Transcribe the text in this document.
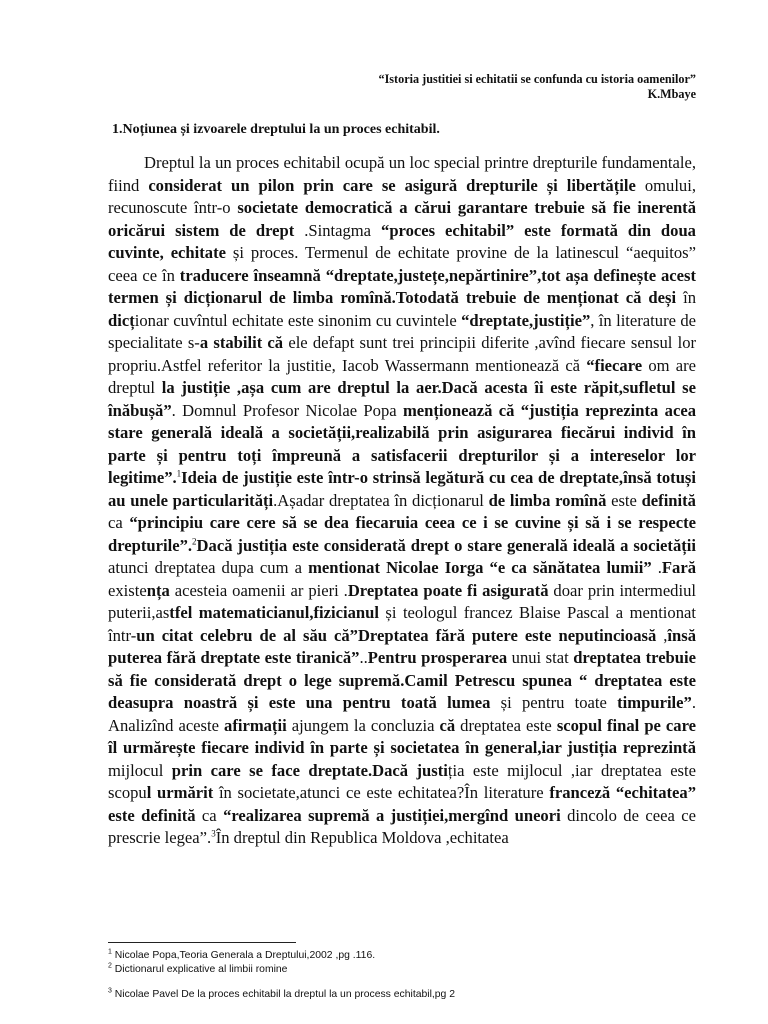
“Istoria justitiei si echitatii se confunda cu istoria oamenilor”
K.Mbaye
1.Noțiunea și izvoarele dreptului la un proces echitabil.

Dreptul la un proces echitabil ocupă un loc special printre drepturile fundamentale, fiind considerat un pilon prin care se asigură drepturile și libertățile omului, recunoscute într-o societate democratică a cărui garantare trebuie să fie inerentă oricărui sistem de drept .Sintagma “proces echitabil” este formată din doua cuvinte, echitate și proces. Termenul de echitate provine de la latinescul “aequitos” ceea ce în traducere înseamnă “dreptate,justețe,nepărtinire”,tot așa definește acest termen și dicționarul de limba romînă.Totodată trebuie de menționat că deși în dicționar cuvîntul echitate este sinonim cu cuvintele “dreptate,justiție”, în literature de specialitate s-a stabilit că ele defapt sunt trei principii diferite ,avînd fiecare sensul lor propriu.Astfel referitor la justitie, Iacob Wassermann mentionează că “fiecare om are dreptul la justiție ,așa cum are dreptul la aer.Dacă acesta îi este răpit,sufletul se înăbușă”. Domnul Profesor Nicolae Popa menționează că “justiția reprezinta acea stare generală ideală a societății,realizabilă prin asigurarea fiecărui individ în parte și pentru toți împreună a satisfacerii drepturilor și a intereselor lor legitime”.$^1$Ideia de justiție este într-o strinsă legătură cu cea de dreptate,însă totuși au unele particularități.Așadar dreptatea în dicționarul de limba romînă este definită ca “principiu care cere să se dea fiecaruia ceea ce i se cuvine și să i se respecte drepturile”.$^2$Dacă justiția este considerată drept o stare generală ideală a societății atunci dreptatea dupa cum a mentionat Nicolae Iorga “e ca sănătatea lumii” .Fară existența acesteia oamenii ar pieri .Dreptatea poate fi asigurată doar prin intermediul puterii,astfel matematicianul,fizicianul și teologul francez Blaise Pascal a mentionat într-un citat celebru de al său că”Dreptatea fără putere este neputincioasă ,însă puterea fără dreptate este tiranică”..Pentru prosperarea unui stat dreptatea trebuie să fie considerată drept o lege supremă.Camil Petrescu spunea “ dreptatea este deasupra noastră și este una pentru toată lumea și pentru toate timpurile”. Analizînd aceste afirmații ajungem la concluzia că dreptatea este scopul final pe care îl urmărește fiecare individ în parte și societatea în general,iar justiția reprezintă mijlocul prin care se face dreptate.Dacă justiția este mijlocul ,iar dreptatea este scopul urmărit în societate,atunci ce este echitatea?În literature franceză “echitatea” este definită ca “realizarea supremă a justiției,mergînd uneori dincolo de ceea ce prescrie legea”.$^3$În dreptul din Republica Moldova ,echitatea

$^1$ Nicolae Popa,Teoria Generala a Dreptului,2002 ,pg .116.

$^2$ Dictionarul explicative al limbii romine

$^3$ Nicolae Pavel De la proces echitabil la dreptul la un process echitabil,pg 2
